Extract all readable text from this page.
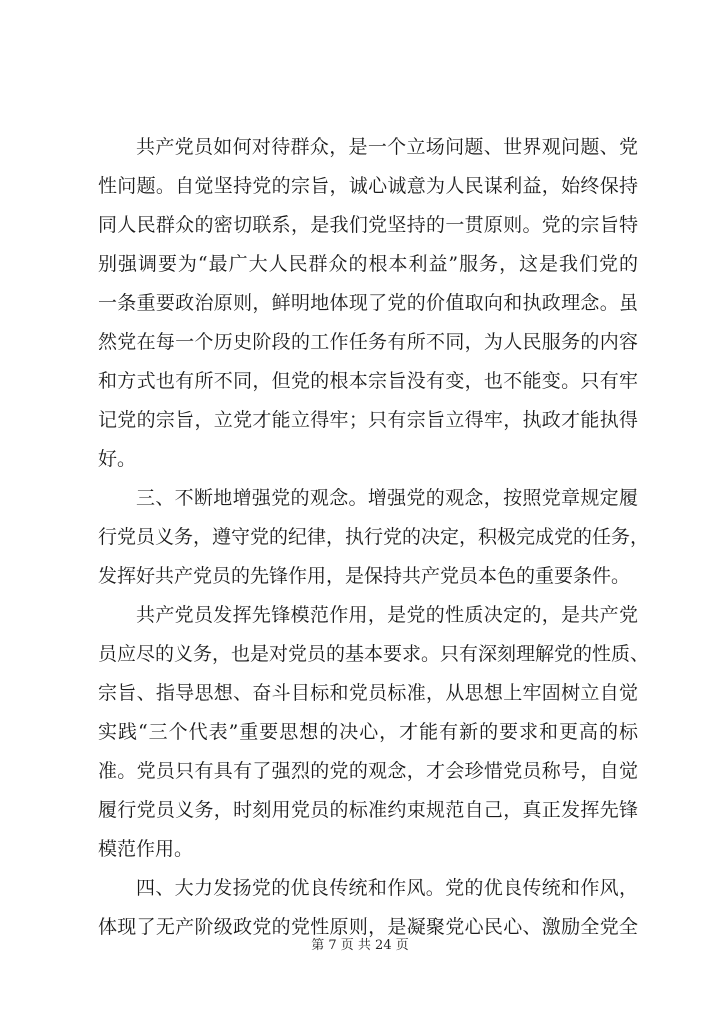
共产党员如何对待群众，是一个立场问题、世界观问题、党
性问题。自觉坚持党的宗旨，诚心诚意为人民谋利益，始终保持
同人民群众的密切联系，是我们党坚持的一贯原则。党的宗旨特
别强调要为“最广大人民群众的根本利益”服务，这是我们党的
一条重要政治原则，鲜明地体现了党的价值取向和执政理念。虽
然党在每一个历史阶段的工作任务有所不同，为人民服务的内容
和方式也有所不同，但党的根本宗旨没有变，也不能变。只有牢
记党的宗旨，立党才能立得牢；只有宗旨立得牢，执政才能执得
好。
三、不断地增强党的观念。增强党的观念，按照党章规定履
行党员义务，遵守党的纪律，执行党的决定，积极完成党的任务，
发挥好共产党员的先锋作用，是保持共产党员本色的重要条件。
共产党员发挥先锋模范作用，是党的性质决定的，是共产党
员应尽的义务，也是对党员的基本要求。只有深刻理解党的性质、
宗旨、指导思想、奋斗目标和党员标准，从思想上牢固树立自觉
实践“三个代表”重要思想的决心，才能有新的要求和更高的标
准。党员只有具有了强烈的党的观念，才会珍惜党员称号，自觉
履行党员义务，时刻用党员的标准约束规范自己，真正发挥先锋
模范作用。
四、大力发扬党的优良传统和作风。党的优良传统和作风，
体现了无产阶级政党的党性原则，是凝聚党心民心、激励全党全
第 7 页 共 24 页
